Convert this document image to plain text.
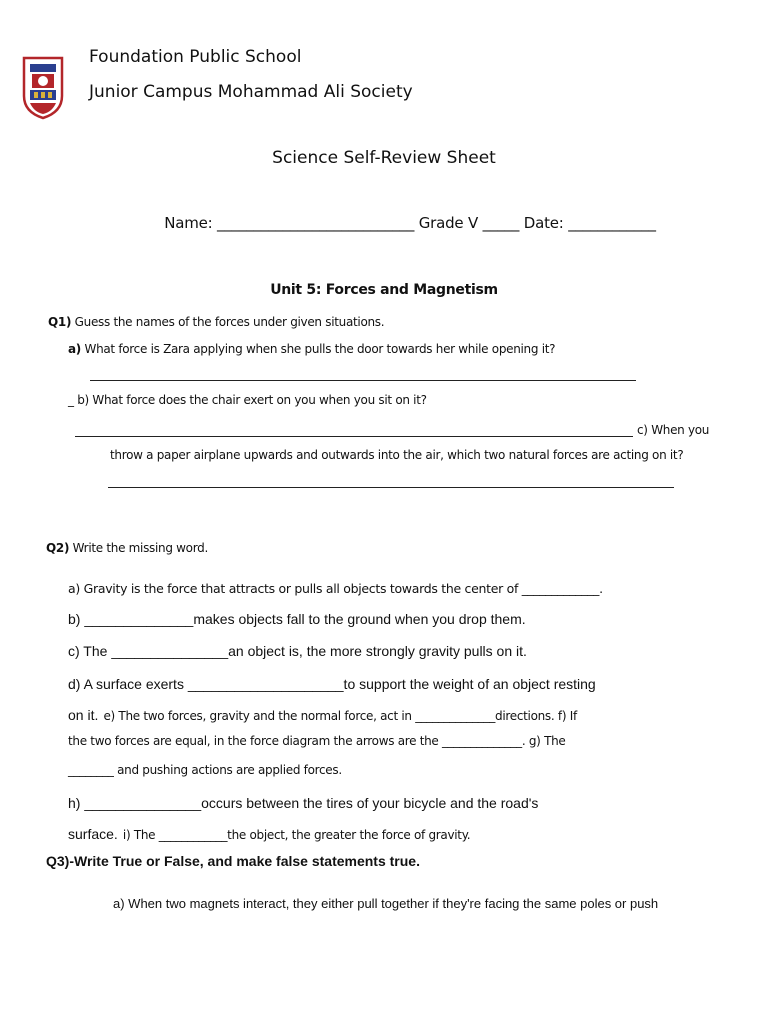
Foundation Public School
Junior Campus Mohammad Ali Society
Science Self-Review Sheet
Name: ___________________________ Grade V _____ Date: ____________
Unit 5: Forces and Magnetism
Q1) Guess the names of the forces under given situations.
a) What force is Zara applying when she pulls the door towards her while opening it?
_ b) What force does the chair exert on you when you sit on it?
c) When you
throw a paper airplane upwards and outwards into the air, which two natural forces are acting on it?
Q2) Write the missing word.
a) Gravity is the force that attracts or pulls all objects towards the center of _____________.
b) ______________makes objects fall to the ground when you drop them.
c) The _______________an object is, the more strongly gravity pulls on it.
d) A surface exerts ____________________to support the weight of an object resting
on it. e) The two forces, gravity and the normal force, act in ______________directions. f) If
the two forces are equal, in the force diagram the arrows are the ______________. g) The
________ and pushing actions are applied forces.
h) _______________occurs between the tires of your bicycle and the road's
surface. i) The ____________the object, the greater the force of gravity.
Q3)-Write True or False, and make false statements true.
a) When two magnets interact, they either pull together if they're facing the same poles or push
